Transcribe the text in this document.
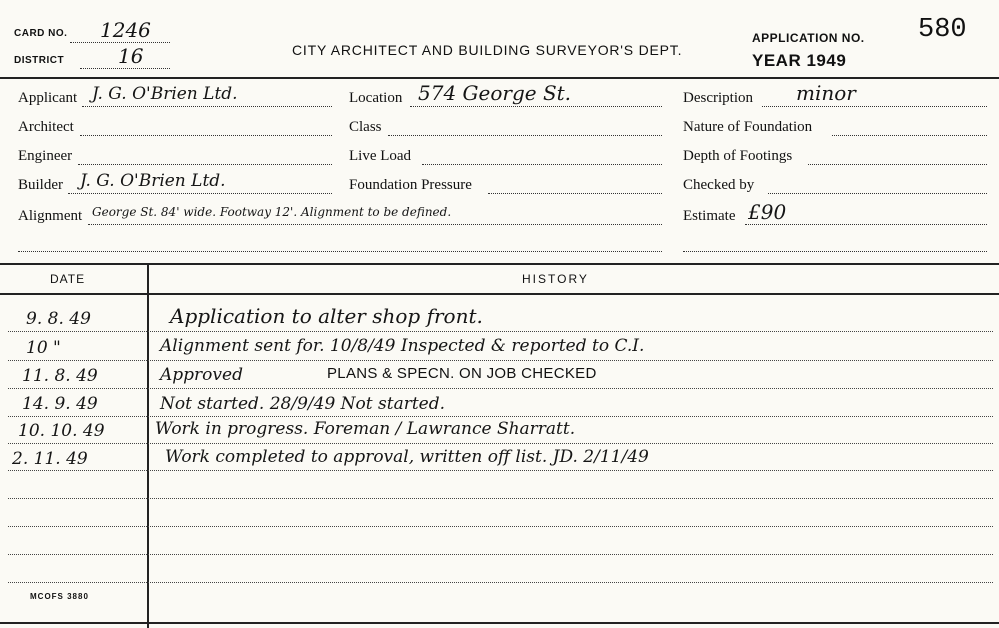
CARD NO. 1246
DISTRICT	16	CITY ARCHITECT AND BUILDING SURVEYOR'S DEPT.
APPLICATION NO. 580
YEAR 1949
Applicant J. G. O'Brien Ltd.
Architect
Engineer
Builder J. G. O'Brien Ltd.
Location 574 George St.
Class
Live Load
Foundation Pressure
Description minor
Nature of Foundation
Depth of Footings
Checked by
Alignment George St. 84' wide. Footway 12'. Alignment to be defined.	Estimate £90
DATE	HISTORY
9. 8. 49	Application to alter shop front.
10 "	Alignment sent for. 10/8/49 Inspected & reported to C.I.
11. 8. 49	Approved	PLANS & SPECN. ON JOB CHECKED
14. 9. 49	Not started. 28/9/49 Not started.
10. 10. 49	Work in progress. Foreman / Lawrance Sharratt.
2. 11. 49	Work completed to approval, written off list. JD. 2/11/49
MCOFS 3880
